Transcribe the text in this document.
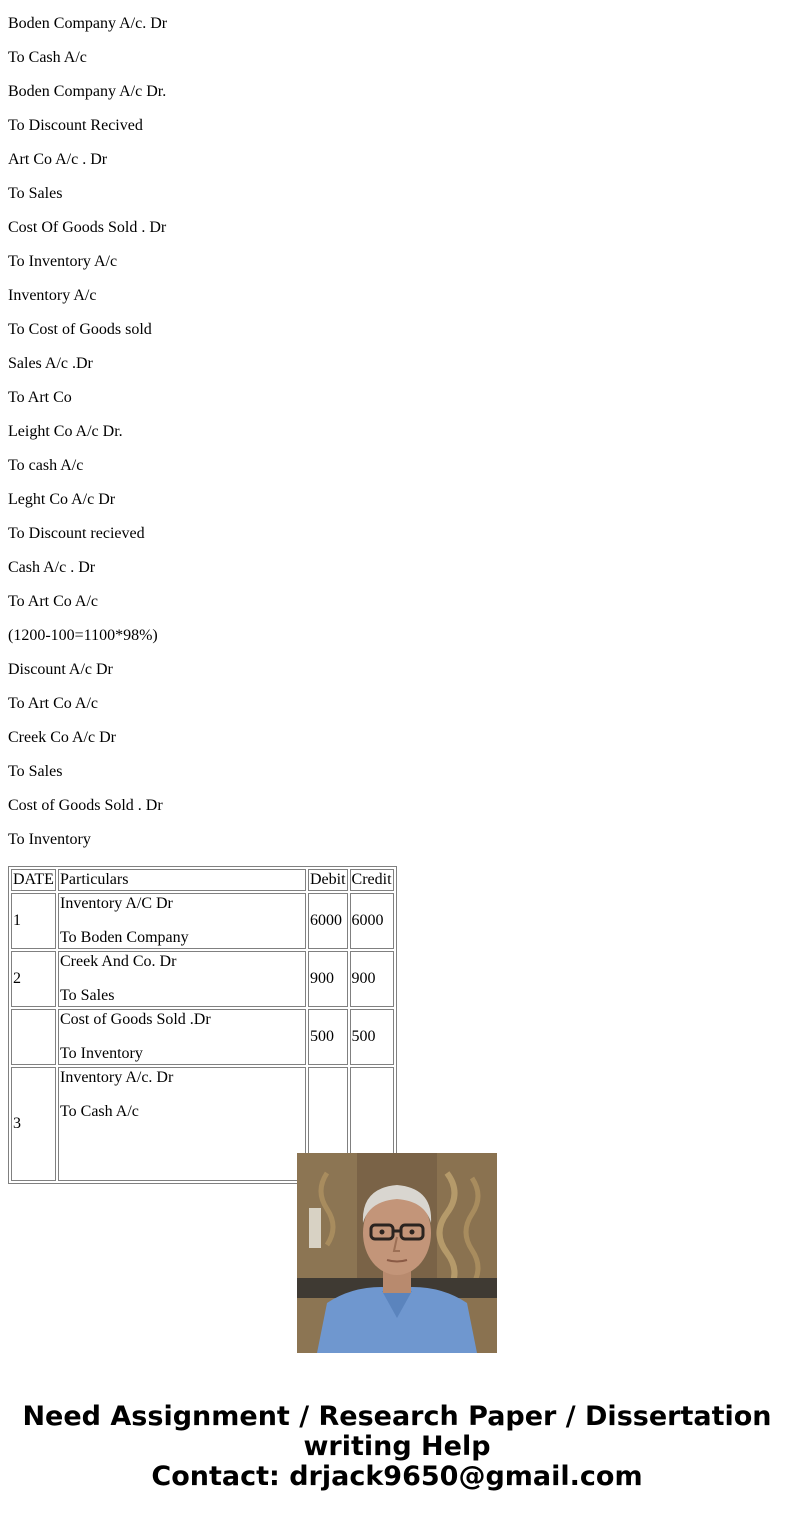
Boden Company A/c. Dr

To Cash A/c

Boden Company A/c Dr.

To Discount Recived

Art Co A/c . Dr

To Sales

Cost Of Goods Sold . Dr

To Inventory A/c

Inventory A/c

To Cost of Goods sold

Sales A/c .Dr

To Art Co

Leight Co A/c Dr.

To cash A/c

Leght Co A/c Dr

To Discount recieved

Cash A/c . Dr

To Art Co A/c

(1200-100=1100*98%)

Discount A/c Dr

To Art Co A/c

Creek Co A/c Dr

To Sales

Cost of Goods Sold . Dr

To Inventory

DATE	Particulars	Debit	Credit
1	Inventory A/C Dr
To Boden Company	6000	6000
2	Creek And Co. Dr
To Sales	900	900

	Cost of Goods Sold .Dr
To Inventory	500	500
3	Inventory A/c. Dr
To Cash A/c		

Need Assignment / Research Paper / Dissertation
writing Help
Contact: drjack9650@gmail.com
